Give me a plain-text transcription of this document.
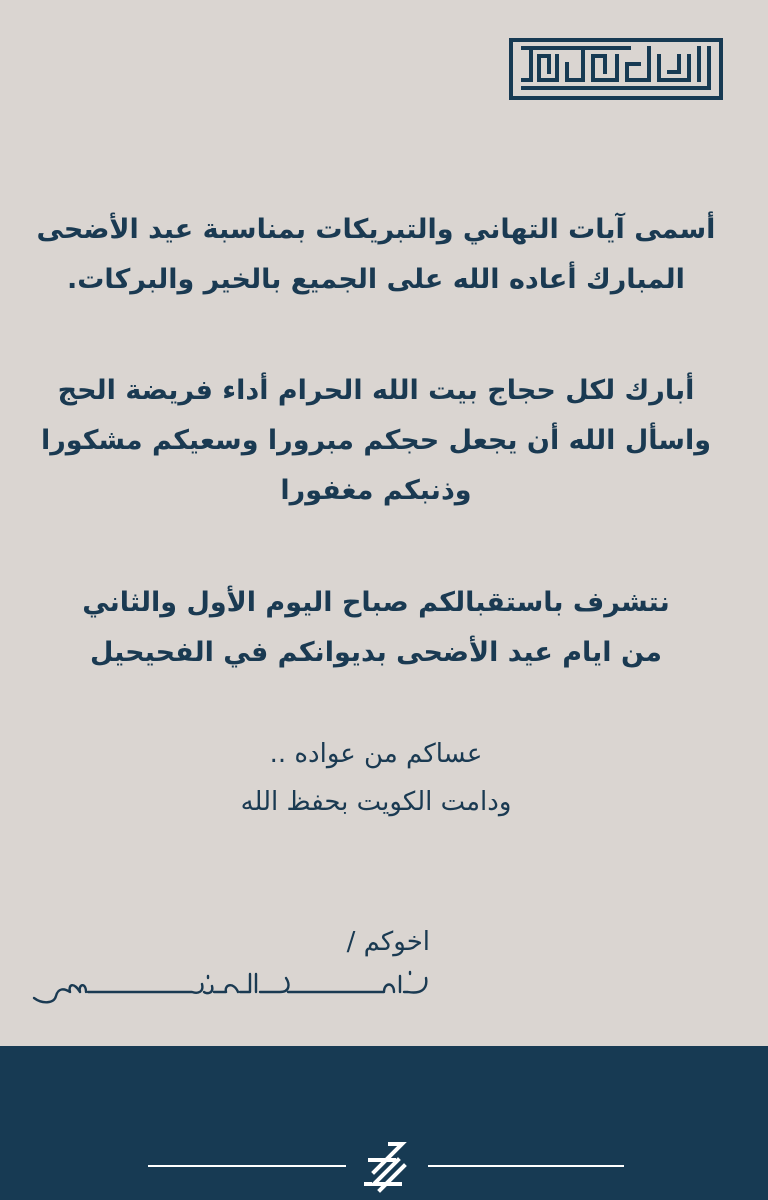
أسمى آيات التهاني والتبريكات بمناسبة عيد الأضحى المبارك أعاده الله على الجميع بالخير والبركات.

أبارك لكل حجاج بيت الله الحرام أداء فريضة الحج واسأل الله أن يجعل حجكم مبرورا وسعيكم مشكورا وذنبكم مغفورا

نتشرف باستقبالكم صباح اليوم الأول والثاني
من ايام عيد الأضحى بديوانكم في الفحيحيل
عساكم من عواده ..
ودامت الكويت بحفظ الله

اخوكم /
